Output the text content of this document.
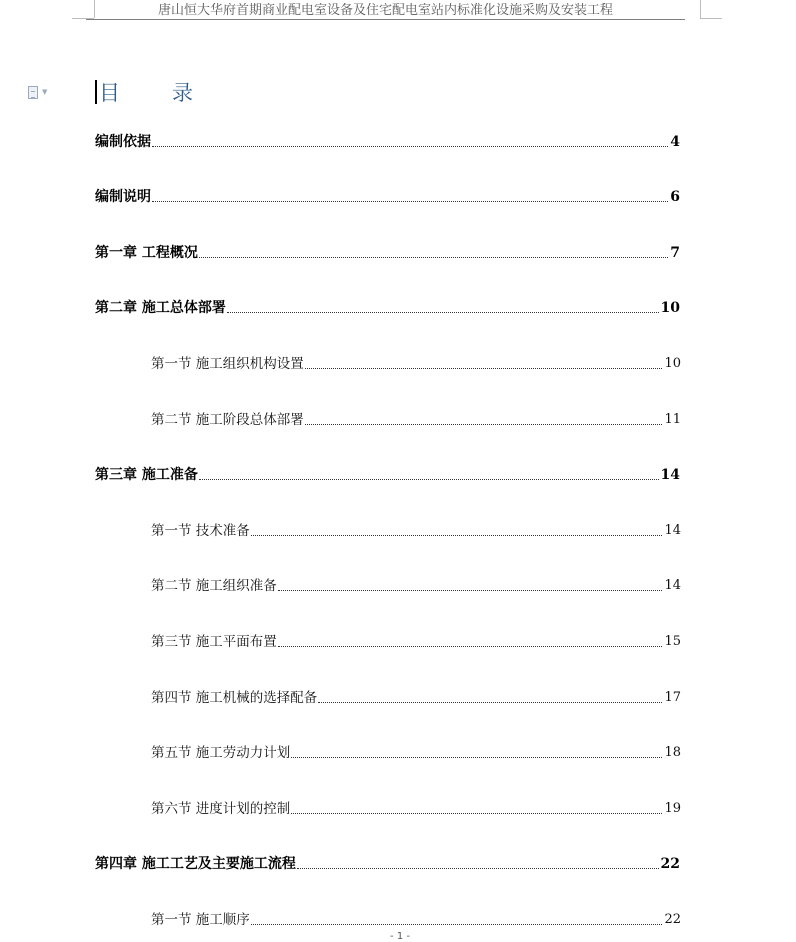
唐山恒大华府首期商业配电室设备及住宅配电室站内标准化设施采购及安装工程
▼ 目 录
编制依据	4
编制说明	6
第一章 工程概况	7
第二章 施工总体部署	10
第一节 施工组织机构设置	10
第二节 施工阶段总体部署	11
第三章 施工准备	14
第一节 技术准备	14
第二节 施工组织准备	14
第三节 施工平面布置	15
第四节 施工机械的选择配备	17
第五节 施工劳动力计划	18
第六节 进度计划的控制	19
第四章 施工工艺及主要施工流程	22
第一节 施工顺序	22
- 1 -
